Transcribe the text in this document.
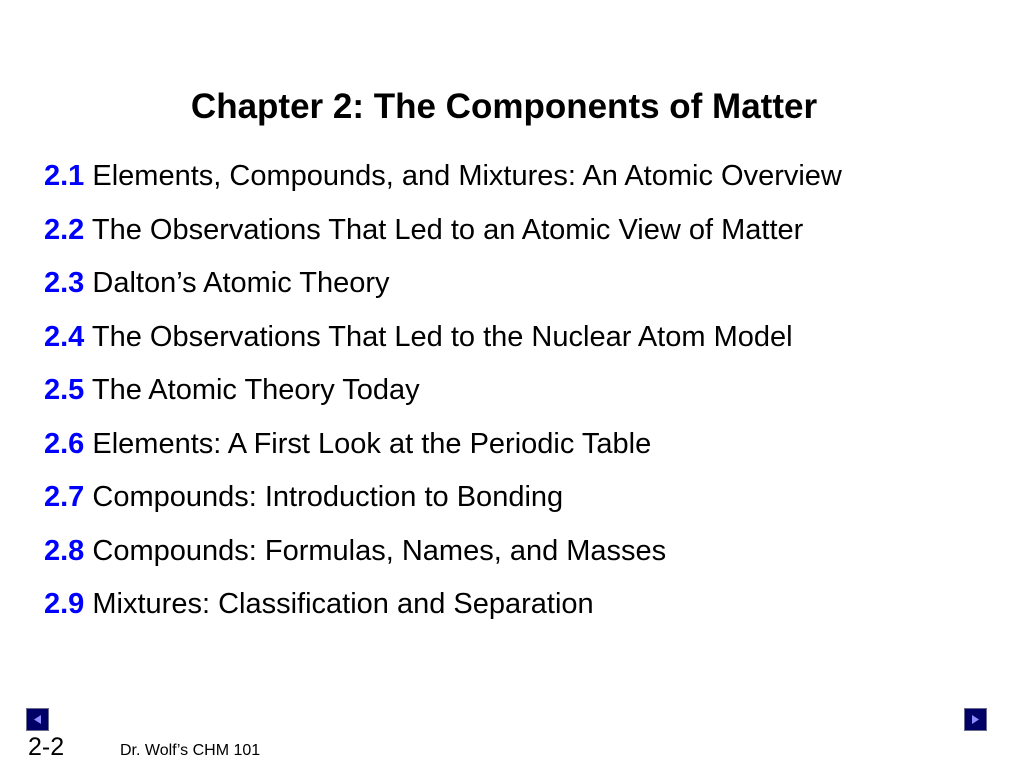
Chapter 2: The Components of Matter
2.1 Elements, Compounds, and Mixtures: An Atomic Overview
2.2 The Observations That Led to an Atomic View of Matter
2.3 Dalton’s Atomic Theory
2.4 The Observations That Led to the Nuclear Atom Model
2.5 The Atomic Theory Today
2.6 Elements: A First Look at the Periodic Table
2.7 Compounds: Introduction to Bonding
2.8 Compounds: Formulas, Names, and Masses
2.9 Mixtures: Classification and Separation
2-2	Dr. Wolf’s CHM 101
